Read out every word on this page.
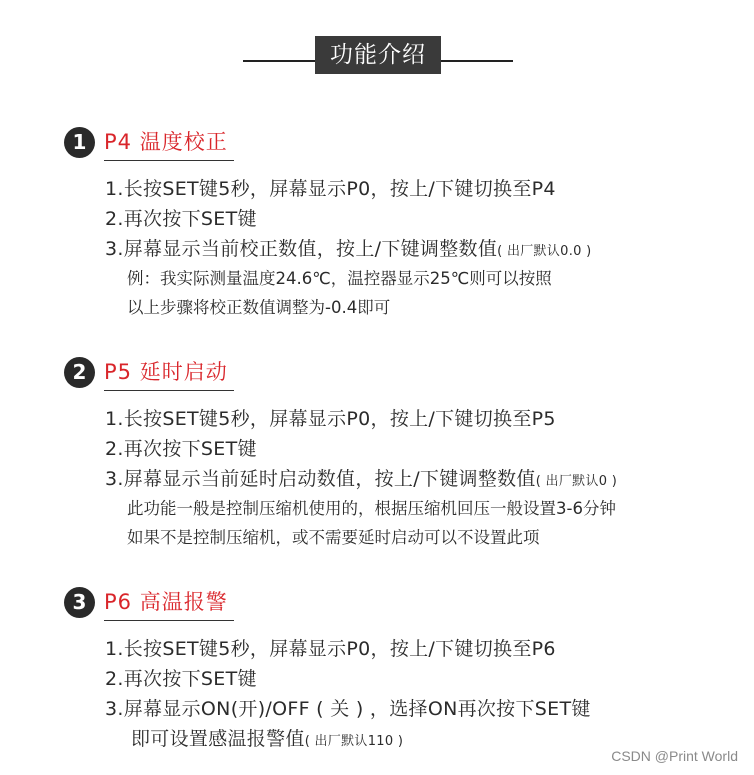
功能介绍
1 P4 温度校正
1.长按SET键5秒，屏幕显示P0，按上/下键切换至P4
2.再次按下SET键
3.屏幕显示当前校正数值，按上/下键调整数值( 出厂默认0.0 )
例：我实际测量温度24.6℃，温控器显示25℃则可以按照
以上步骤将校正数值调整为-0.4即可
2 P5 延时启动
1.长按SET键5秒，屏幕显示P0，按上/下键切换至P5
2.再次按下SET键
3.屏幕显示当前延时启动数值，按上/下键调整数值( 出厂默认0 )
此功能一般是控制压缩机使用的，根据压缩机回压一般设置3-6分钟
如果不是控制压缩机，或不需要延时启动可以不设置此项
3 P6 高温报警
1.长按SET键5秒，屏幕显示P0，按上/下键切换至P6
2.再次按下SET键
3.屏幕显示ON(开)/OFF ( 关 ) ，选择ON再次按下SET键
即可设置感温报警值( 出厂默认110 )
CSDN @Print World
